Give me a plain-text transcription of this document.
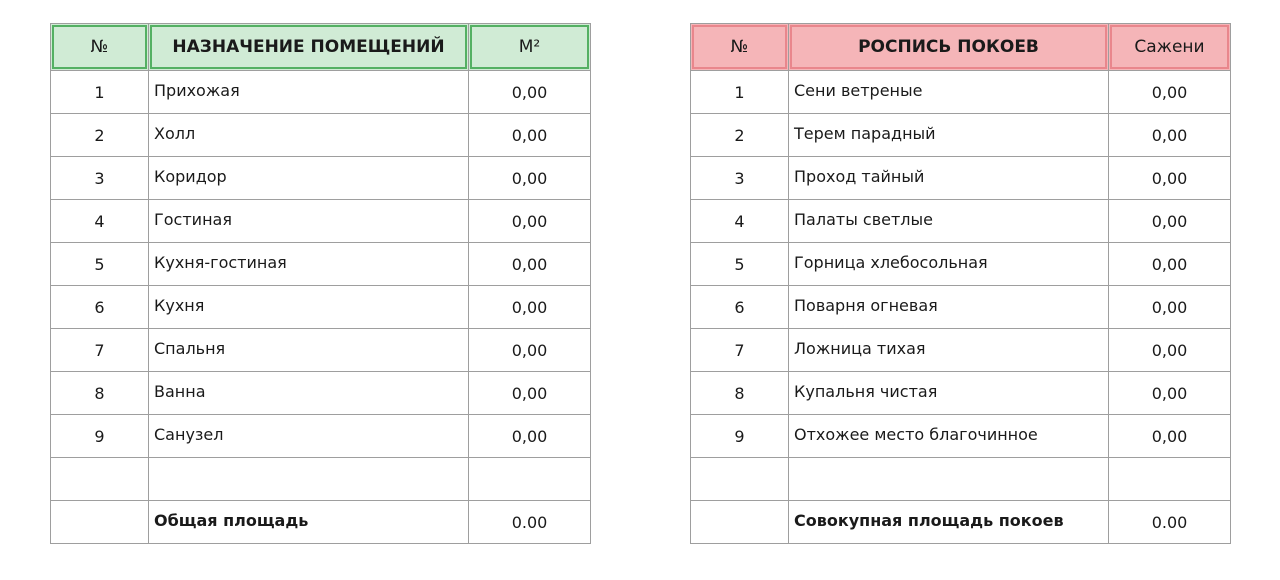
№	НАЗНАЧЕНИЕ ПОМЕЩЕНИЙ	М²

1	Прихожая	0,00
2	Холл	0,00
3	Коридор	0,00
4	Гостиная	0,00
5	Кухня-гостиная	0,00
6	Кухня	0,00
7	Спальня	0,00
8	Ванна	0,00
9	Санузел	0,00

	Общая площадь	0.00
№	РОСПИСЬ ПОКОЕВ	Сажени

1	Сени ветреные	0,00
2	Терем парадный	0,00
3	Проход тайный	0,00
4	Палаты светлые	0,00
5	Горница хлебосольная	0,00
6	Поварня огневая	0,00
7	Ложница тихая	0,00
8	Купальня чистая	0,00
9	Отхожее место благочинное	0,00

	Совокупная площадь покоев	0.00
